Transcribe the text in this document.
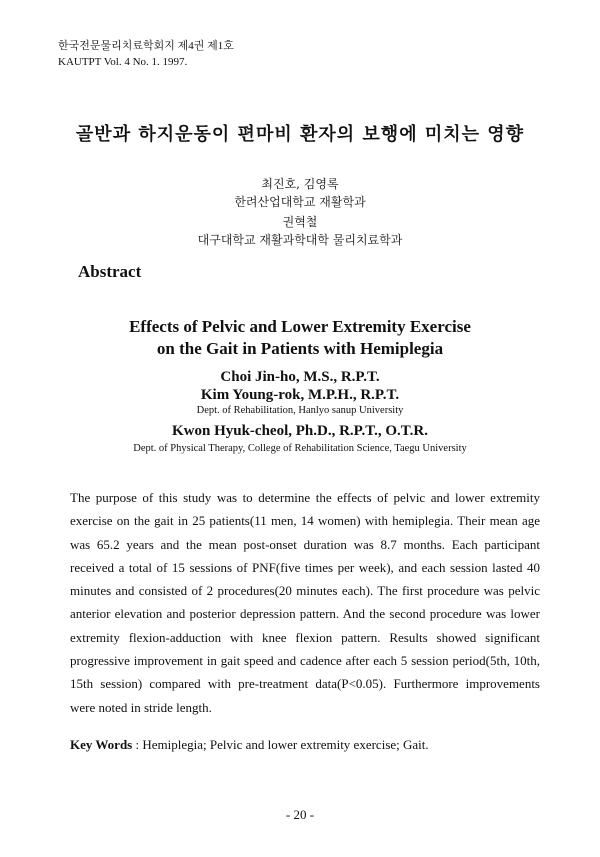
한국전문물리치료학회지 제4권 제1호
KAUTPT Vol. 4 No. 1. 1997.
골반과 하지운동이 편마비 환자의 보행에 미치는 영향
최진호, 김영록
한려산업대학교 재활학과
권혁철
대구대학교 재활과학대학 물리치료학과
Abstract
Effects of Pelvic and Lower Extremity Exercise
on the Gait in Patients with Hemiplegia
Choi Jin-ho, M.S., R.P.T.
Kim Young-rok, M.P.H., R.P.T.
Dept. of Rehabilitation, Hanlyo sanup University
Kwon Hyuk-cheol, Ph.D., R.P.T., O.T.R.
Dept. of Physical Therapy, College of Rehabilitation Science, Taegu University

The purpose of this study was to determine the effects of pelvic and lower extremity exercise on the gait in 25 patients(11 men, 14 women) with hemiplegia. Their mean age was 65.2 years and the mean post-onset duration was 8.7 months. Each participant received a total of 15 sessions of PNF(five times per week), and each session lasted 40 minutes and consisted of 2 procedures(20 minutes each). The first procedure was pelvic anterior elevation and posterior depression pattern. And the second procedure was lower extremity flexion-adduction with knee flexion pattern. Results showed significant progressive improvement in gait speed and cadence after each 5 session period(5th, 10th, 15th session) compared with pre-treatment data(P<0.05). Furthermore improvements were noted in stride length.

Key Words : Hemiplegia; Pelvic and lower extremity exercise; Gait.
- 20 -
